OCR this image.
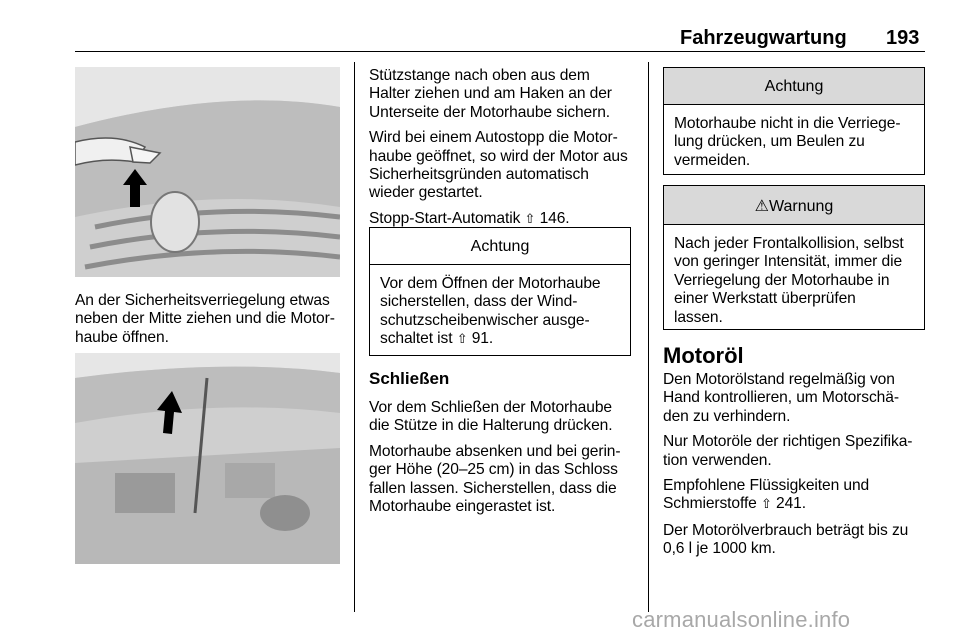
Fahrzeugwartung 193
An der Sicherheitsverriegelung etwas
neben der Mitte ziehen und die Motor-
haube öffnen.

Stützstange nach oben aus dem
Halter ziehen und am Haken an der
Unterseite der Motorhaube sichern.

Wird bei einem Autostopp die Motor-
haube geöffnet, so wird der Motor aus
Sicherheitsgründen automatisch
wieder gestartet.

Stopp-Start-Automatik ⇧ 146.

Achtung
Vor dem Öffnen der Motorhaube
sicherstellen, dass der Wind-
schutzscheibenwischer ausge-
schaltet ist ⇧ 91.
Schließen

Vor dem Schließen der Motorhaube
die Stütze in die Halterung drücken.

Motorhaube absenken und bei gerin-
ger Höhe (20–25 cm) in das Schloss
fallen lassen. Sicherstellen, dass die
Motorhaube eingerastet ist.

Achtung
Motorhaube nicht in die Verriege-
lung drücken, um Beulen zu
vermeiden.
⚠Warnung
Nach jeder Frontalkollision, selbst
von geringer Intensität, immer die
Verriegelung der Motorhaube in
einer Werkstatt überprüfen
lassen.
Motoröl

Den Motorölstand regelmäßig von
Hand kontrollieren, um Motorschä-
den zu verhindern.

Nur Motoröle der richtigen Spezifika-
tion verwenden.

Empfohlene Flüssigkeiten und
Schmierstoffe ⇧ 241.

Der Motorölverbrauch beträgt bis zu
0,6 l je 1000 km.

carmanualsonline.info
